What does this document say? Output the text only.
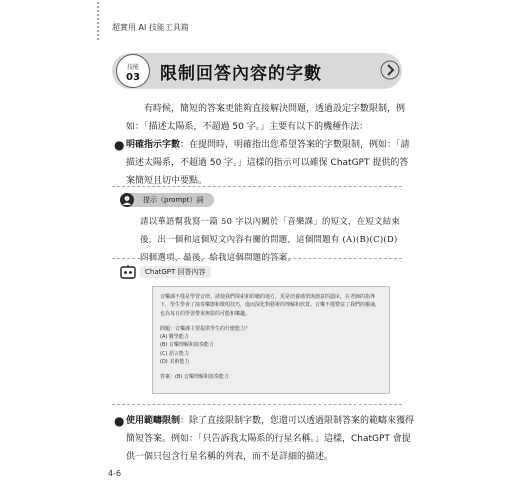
超實用 AI 技能工具箱
技能
03	限制回答內容的字數
有時候，簡短的答案更能夠直接解決問題，透過設定字數限制，例如：「描述太陽系，不超過 50 字。」主要有以下的機種作法：
● 明確指示字數：在提問時，明確指出您希望答案的字數限制，例如：「請描述太陽系，不超過 50 字。」這樣的指示可以確保 ChatGPT 提供的答案簡短且切中要點。
提示（prompt）詞
請以華語幫我寫一篇 50 字以內關於「音樂課」的短文，在短文結束後，出一個和這個短文內容有關的問題，這個問題有 (A)(B)(C)(D) 四個選項，最後，給我這個問題的答案。
ChatGPT 回答內容

音樂課不僅是學習音律，誘使我們探索和聆聽的地方，更是培養感情與創意的溫床。在老師的指導下，學生學會了演奏樂器和歌唱技巧，進而深化對藝術的理解和欣賞。音樂不僅豐富了我們的靈魂，也為每日的學習帶來無限的可能和樂趣。

問題：音樂課主要提供學生的什麼能力？

(A) 數學能力

(B) 音樂理解和演奏能力

(C) 語言能力

(D) 美術能力

答案：(B) 音樂理解和演奏能力

● 使用範疇限制：除了直接限制字數，您還可以透過限制答案的範疇來獲得簡短答案。例如：「只告訴我太陽系的行星名稱。」這樣，ChatGPT 會提供一個只包含行星名稱的列表，而不是詳細的描述。
4-6
